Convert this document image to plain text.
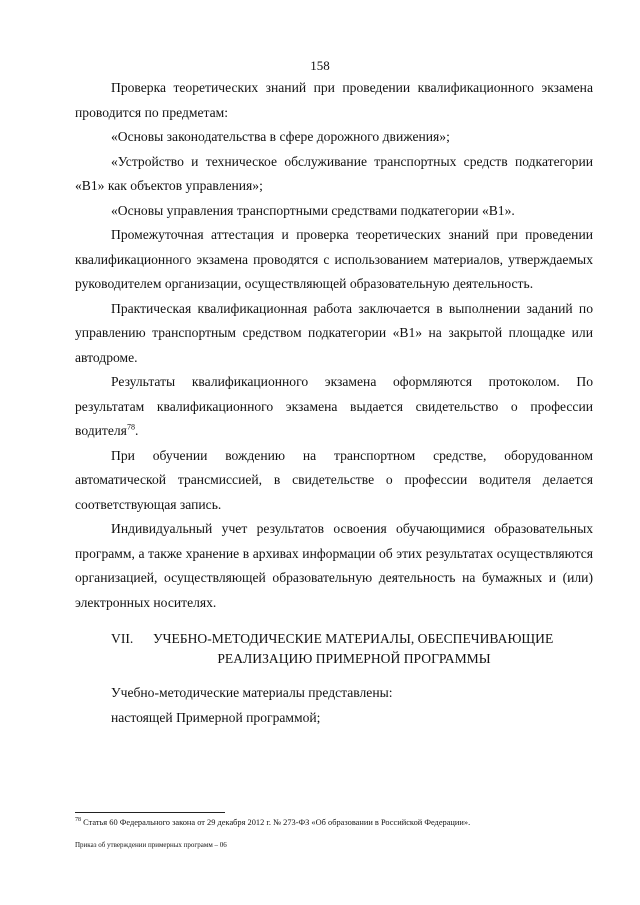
158

Проверка теоретических знаний при проведении квалификационного экзамена проводится по предметам:

«Основы законодательства в сфере дорожного движения»;

«Устройство и техническое обслуживание транспортных средств подкатегории «В1» как объектов управления»;

«Основы управления транспортными средствами подкатегории «В1».

Промежуточная аттестация и проверка теоретических знаний при проведении квалификационного экзамена проводятся с использованием материалов, утверждаемых руководителем организации, осуществляющей образовательную деятельность.

Практическая квалификационная работа заключается в выполнении заданий по управлению транспортным средством подкатегории «В1» на закрытой площадке или автодроме.

Результаты квалификационного экзамена оформляются протоколом. По результатам квалификационного экзамена выдается свидетельство о профессии водителя$^{78}$.

При обучении вождению на транспортном средстве, оборудованном автоматической трансмиссией, в свидетельстве о профессии водителя делается соответствующая запись.

Индивидуальный учет результатов освоения обучающимися образовательных программ, а также хранение в архивах информации об этих результатах осуществляются организацией, осуществляющей образовательную деятельность на бумажных и (или) электронных носителях.

VII.	УЧЕБНО-МЕТОДИЧЕСКИЕ МАТЕРИАЛЫ, ОБЕСПЕЧИВАЮЩИЕ
РЕАЛИЗАЦИЮ ПРИМЕРНОЙ ПРОГРАММЫ

Учебно-методические материалы представлены:

настоящей Примерной программой;

$^{78}$ Статья 60 Федерального закона от 29 декабря 2012 г. № 273-ФЗ «Об образовании в Российской Федерации».
Приказ об утверждении примерных программ – 06
